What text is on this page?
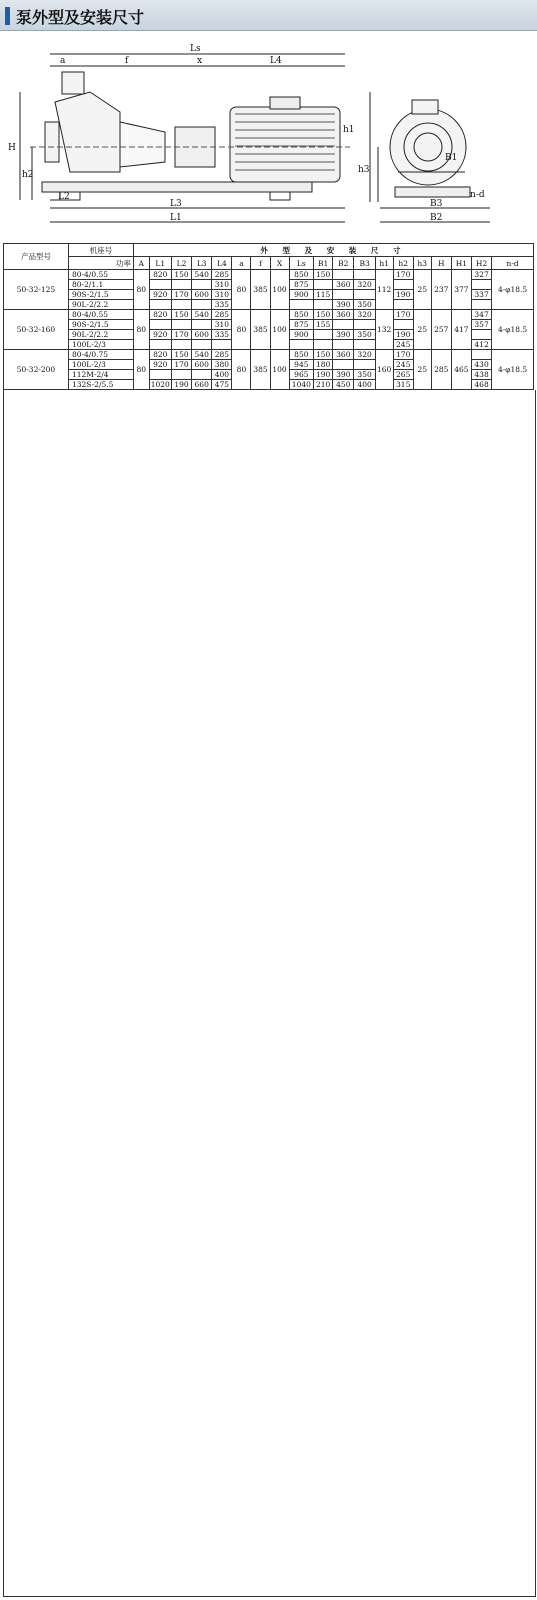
泵外型及安装尺寸
Ls
a	f	x	L4
H
h2
L2
L3
L1
h1
h3
B1
B3
B2
n-d
产品型号	机座号	外 型 及 安 装 尺 寸																		
	功率	A	L1	L2	L3	L4	a	f	X	Ls	B1	B2	B3	h1	h2	h3	H	H1	H2	n-d
50-32-125	80-4/0.55	80	820	150	540	285	80	385	100	850	150			112	170	25	237	377	327	4-φ18.5
	80-2/1.1					310				875		360	320							
	90S-2/1.5		920	170	600	310				900	115				190				337	
	90L-2/2.2					335						390	350							
50-32-160	80-4/0.55	80	820	150	540	285	80	385	100	850	150	360	320	132	170	25	257	417	347	4-φ18.5
	90S-2/1.5					310				875	155								357	
	90L-2/2.2		920	170	600	335				900		390	350		190					
	100L-2/3														245				412	
50-32-200	80-4/0.75	80	820	150	540	285	80	385	100	850	150	360	320	160	170	25	285	465		4-φ18.5
	100L-2/3		920	170	600	380				945	180				245				430	
	112M-2/4					400				965	190	390	350		265				438	
	132S-2/5.5		1020	190	660	475				1040	210	450	400		315				468	
